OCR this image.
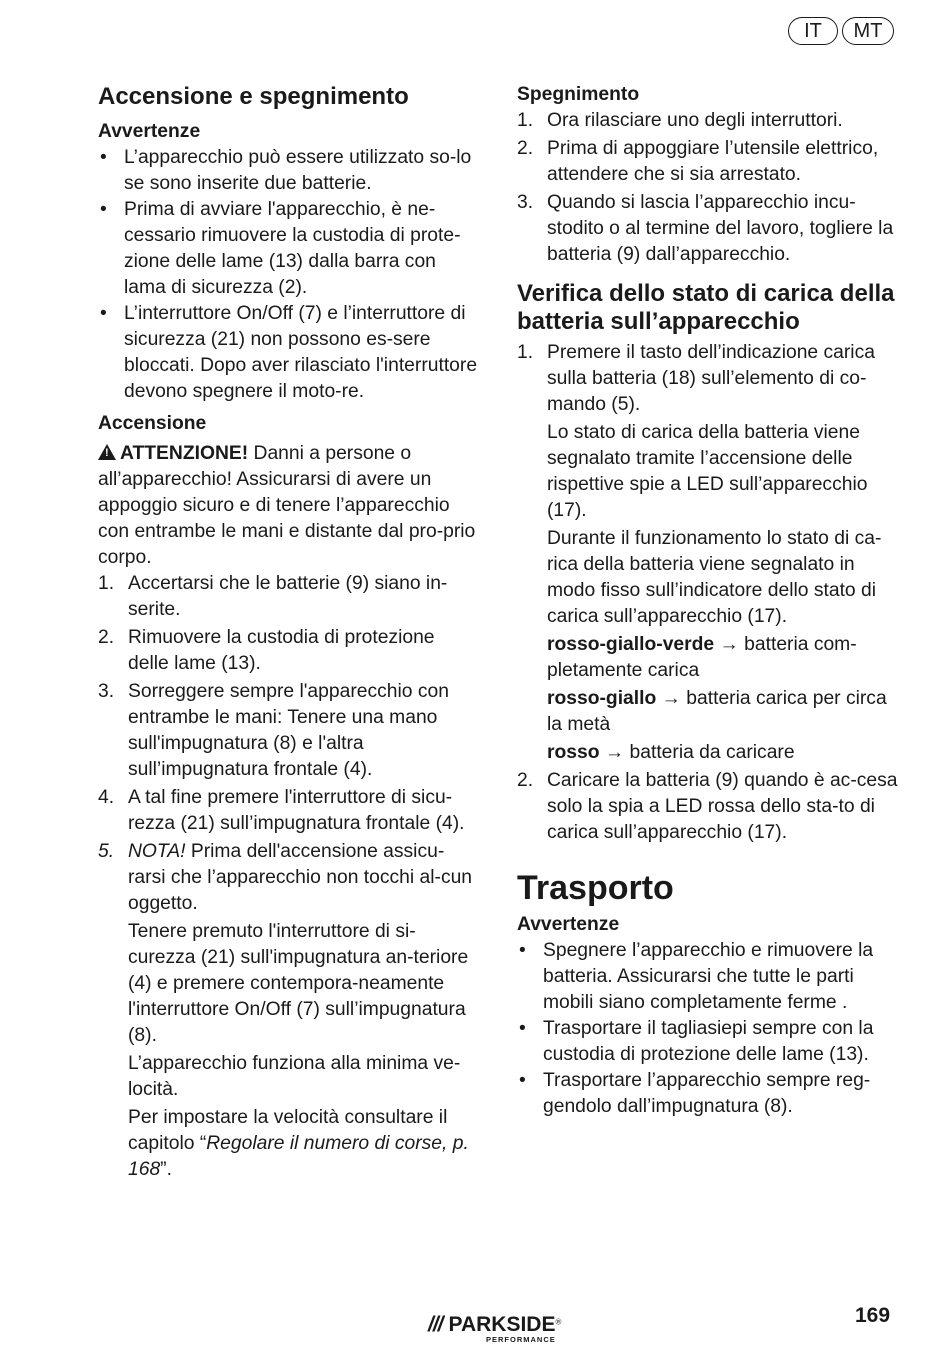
IT	MT
Accensione e spegnimento
Avvertenze
• L’apparecchio può essere utilizzato so-lo se sono inserite due batterie.
• Prima di avviare l'apparecchio, è ne-cessario rimuovere la custodia di prote-zione delle lame (13) dalla barra con lama di sicurezza (2).
• L’interruttore On/Off (7) e l’interruttore di sicurezza (21) non possono es-sere bloccati. Dopo aver rilasciato l'interruttore devono spegnere il moto-re.
Accensione

!ATTENZIONE! Danni a persone o all’apparecchio! Assicurarsi di avere un appoggio sicuro e di tenere l’apparecchio con entrambe le mani e distante dal pro-prio corpo.

1. Accertarsi che le batterie (9) siano in-serite.
2. Rimuovere la custodia di protezione delle lame (13).
3. Sorreggere sempre l'apparecchio con entrambe le mani: Tenere una mano sull'impugnatura (8) e l'altra sull’impugnatura frontale (4).
4. A tal fine premere l'interruttore di sicu-rezza (21) sull’impugnatura frontale (4).
5. NOTA! Prima dell'accensione assicu-rarsi che l’apparecchio non tocchi al-cun oggetto.

Tenere premuto l'interruttore di si-curezza (21) sull'impugnatura an-teriore (4) e premere contempora-neamente l'interruttore On/Off (7) sull’impugnatura (8).

L’apparecchio funziona alla minima ve-locità.

Per impostare la velocità consultare il capitolo “Regolare il numero di corse, p. 168”.

Spegnimento
1. Ora rilasciare uno degli interruttori.
2. Prima di appoggiare l’utensile elettrico, attendere che si sia arrestato.
3. Quando si lascia l’apparecchio incu-stodito o al termine del lavoro, togliere la batteria (9) dall’apparecchio.
Verifica dello stato di carica della batteria sull’apparecchio
1. Premere il tasto dell’indicazione carica sulla batteria (18) sull’elemento di co-mando (5).

Lo stato di carica della batteria viene segnalato tramite l’accensione delle rispettive spie a LED sull’apparecchio (17).

Durante il funzionamento lo stato di ca-rica della batteria viene segnalato in modo fisso sull’indicatore dello stato di carica sull’apparecchio (17).

rosso-giallo-verde → batteria com-pletamente carica

rosso-giallo → batteria carica per circa la metà

rosso → batteria da caricare

2. Caricare la batteria (9) quando è ac-cesa solo la spia a LED rossa dello sta-to di carica sull’apparecchio (17).
Trasporto
Avvertenze
• Spegnere l’apparecchio e rimuovere la batteria. Assicurarsi che tutte le parti mobili siano completamente ferme .
• Trasportare il tagliasiepi sempre con la custodia di protezione delle lame (13).
• Trasportare l’apparecchio sempre reg-gendolo dall’impugnatura (8).
/// PARKSIDE®
PERFORMANCE
169
